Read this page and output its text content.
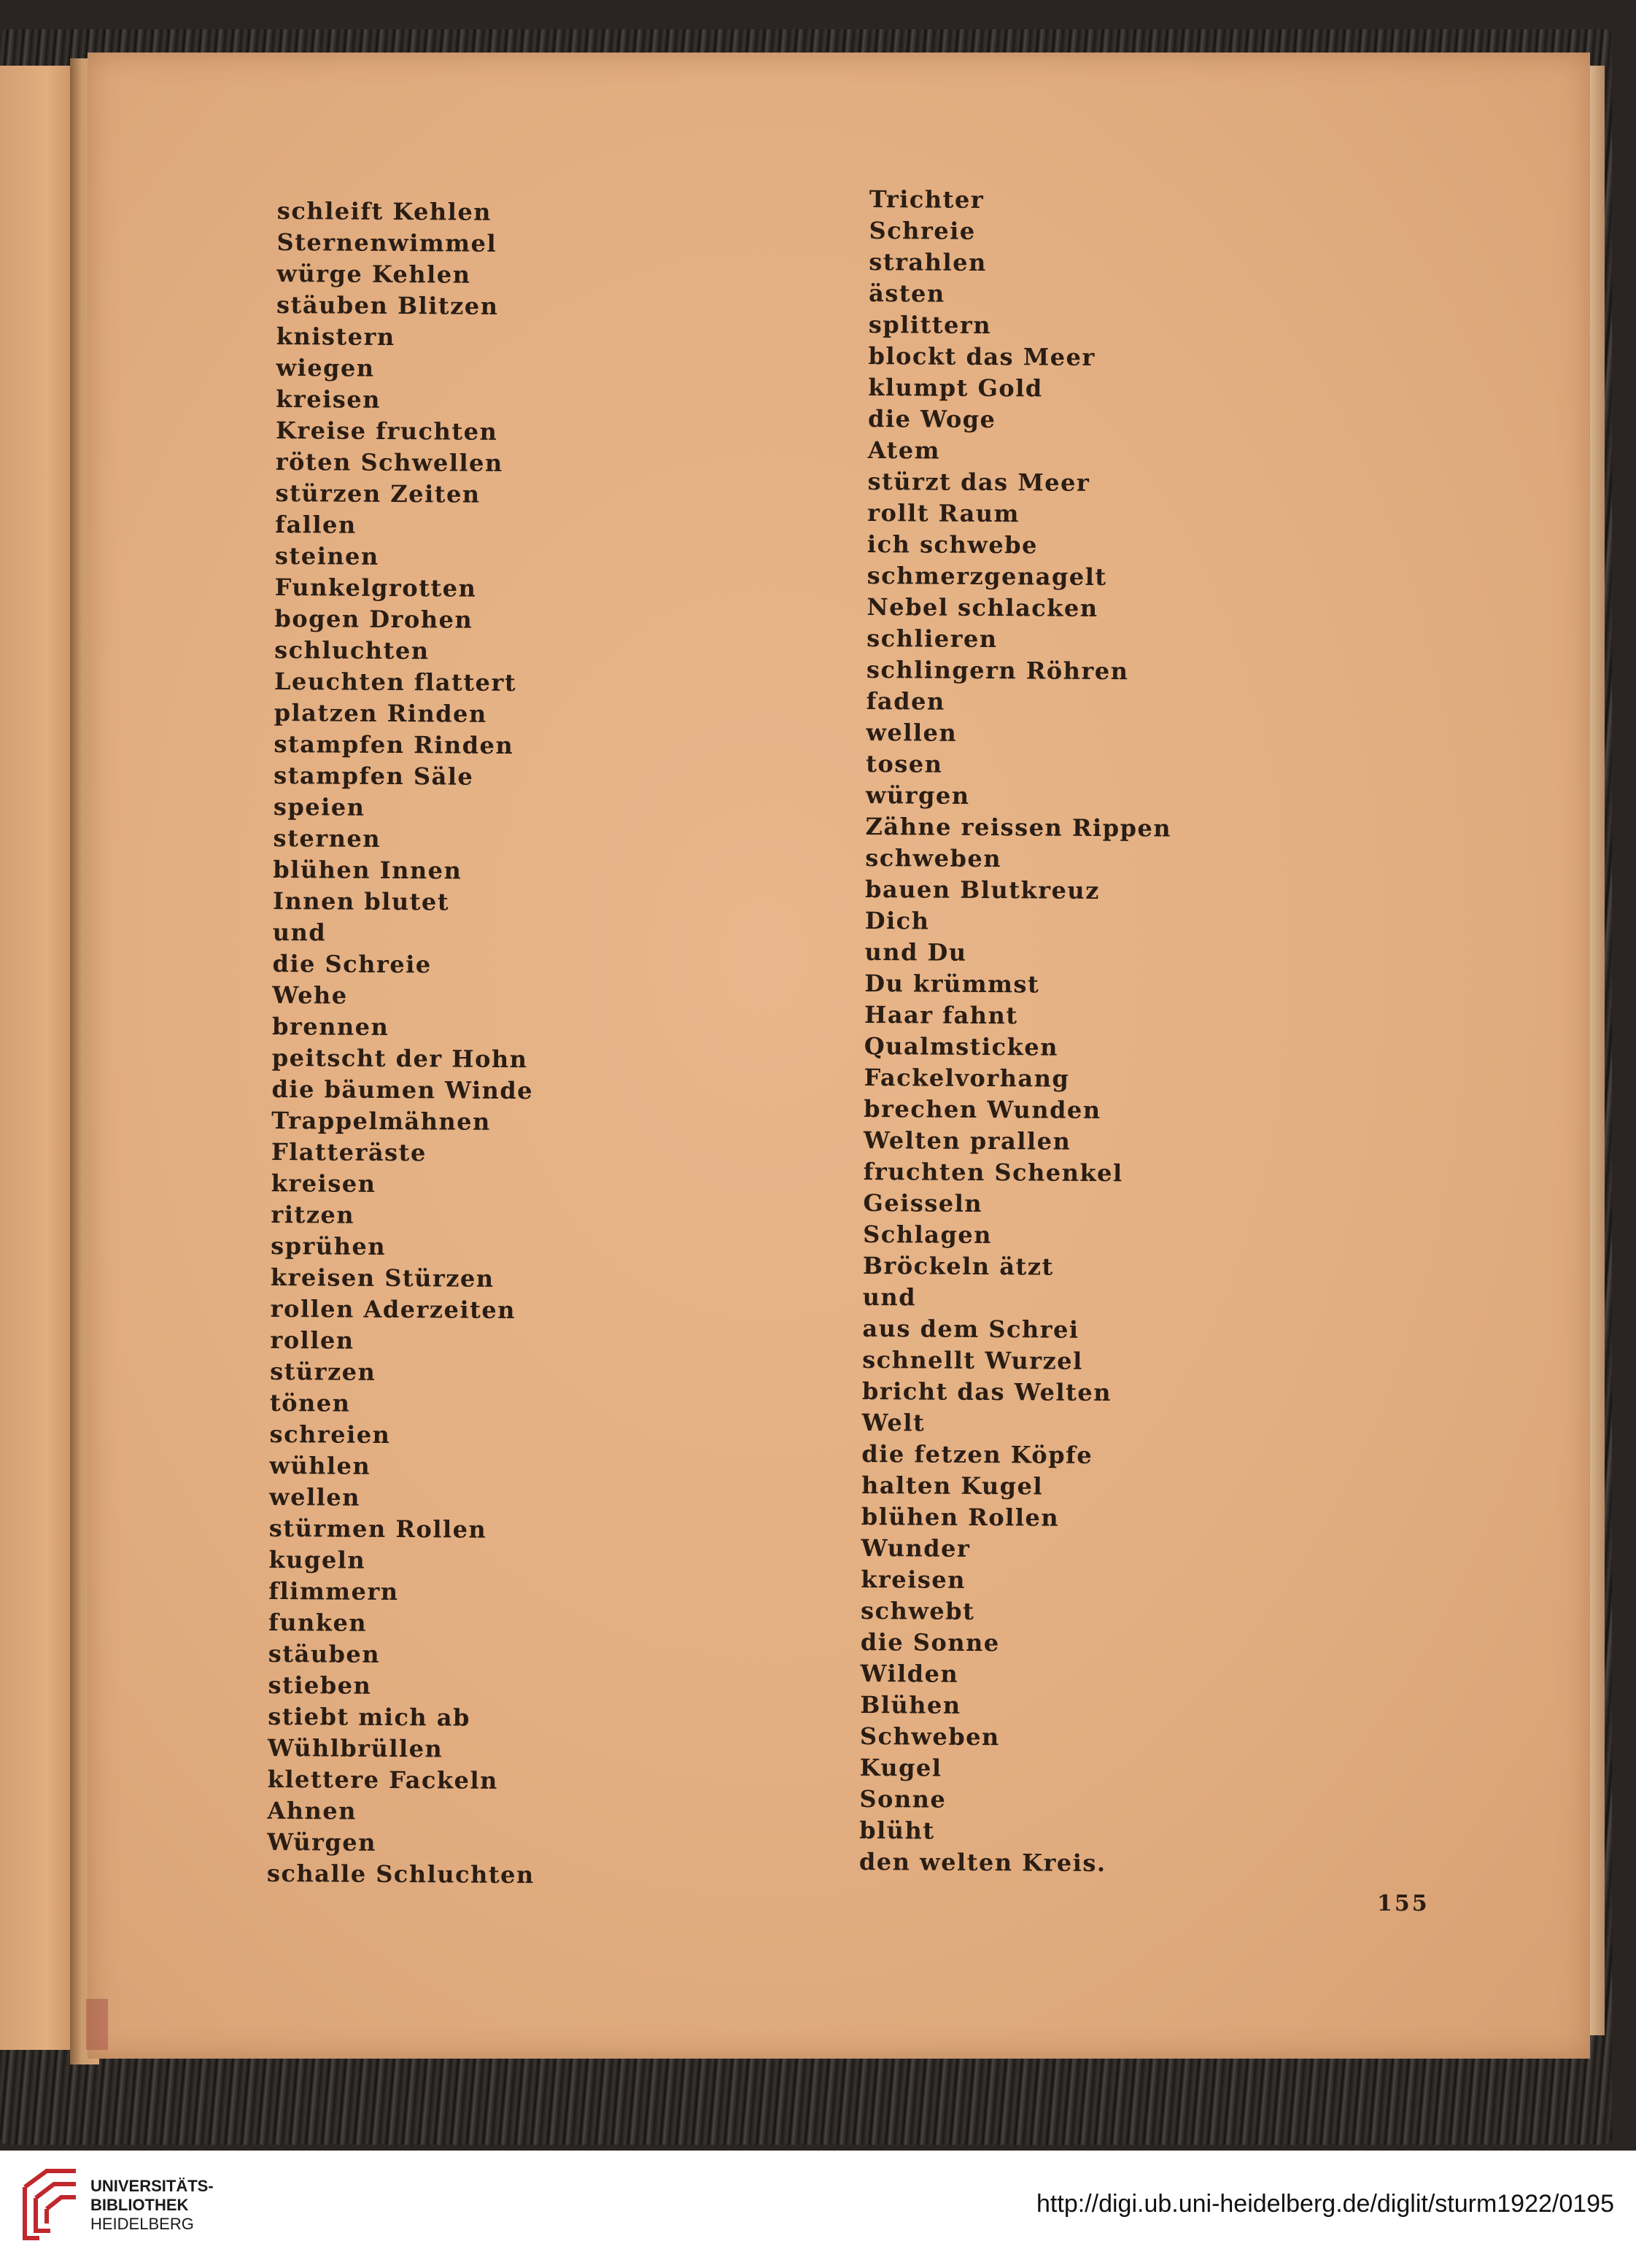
schleift Kehlen
Sternenwimmel
würge Kehlen
stäuben Blitzen
knistern
wiegen
kreisen
Kreise fruchten
röten Schwellen
stürzen Zeiten
fallen
steinen
Funkelgrotten
bogen Drohen
schluchten
Leuchten flattert
platzen Rinden
stampfen Rinden
stampfen Säle
speien
sternen
blühen Innen
Innen blutet
und
die Schreie
Wehe
brennen
peitscht der Hohn
die bäumen Winde
Trappelmähnen
Flatteräste
kreisen
ritzen
sprühen
kreisen Stürzen
rollen Aderzeiten
rollen
stürzen
tönen
schreien
wühlen
wellen
stürmen Rollen
kugeln
flimmern
funken
stäuben
stieben
stiebt mich ab
Wühlbrüllen
klettere Fackeln
Ahnen
Würgen
schalle Schluchten
Trichter
Schreie
strahlen
ästen
splittern
blockt das Meer
klumpt Gold
die Woge
Atem
stürzt das Meer
rollt Raum
ich schwebe
schmerzgenagelt
Nebel schlacken
schlieren
schlingern Röhren
faden
wellen
tosen
würgen
Zähne reissen Rippen
schweben
bauen Blutkreuz
Dich
und Du
Du krümmst
Haar fahnt
Qualmsticken
Fackelvorhang
brechen Wunden
Welten prallen
fruchten Schenkel
Geisseln
Schlagen
Bröckeln ätzt
und
aus dem Schrei
schnellt Wurzel
bricht das Welten
Welt
die fetzen Köpfe
halten Kugel
blühen Rollen
Wunder
kreisen
schwebt
die Sonne
Wilden
Blühen
Schweben
Kugel
Sonne
blüht
den welten Kreis.
155
UNIVERSITÄTS-
BIBLIOTHEK
HEIDELBERG
http://digi.ub.uni-heidelberg.de/diglit/sturm1922/0195
